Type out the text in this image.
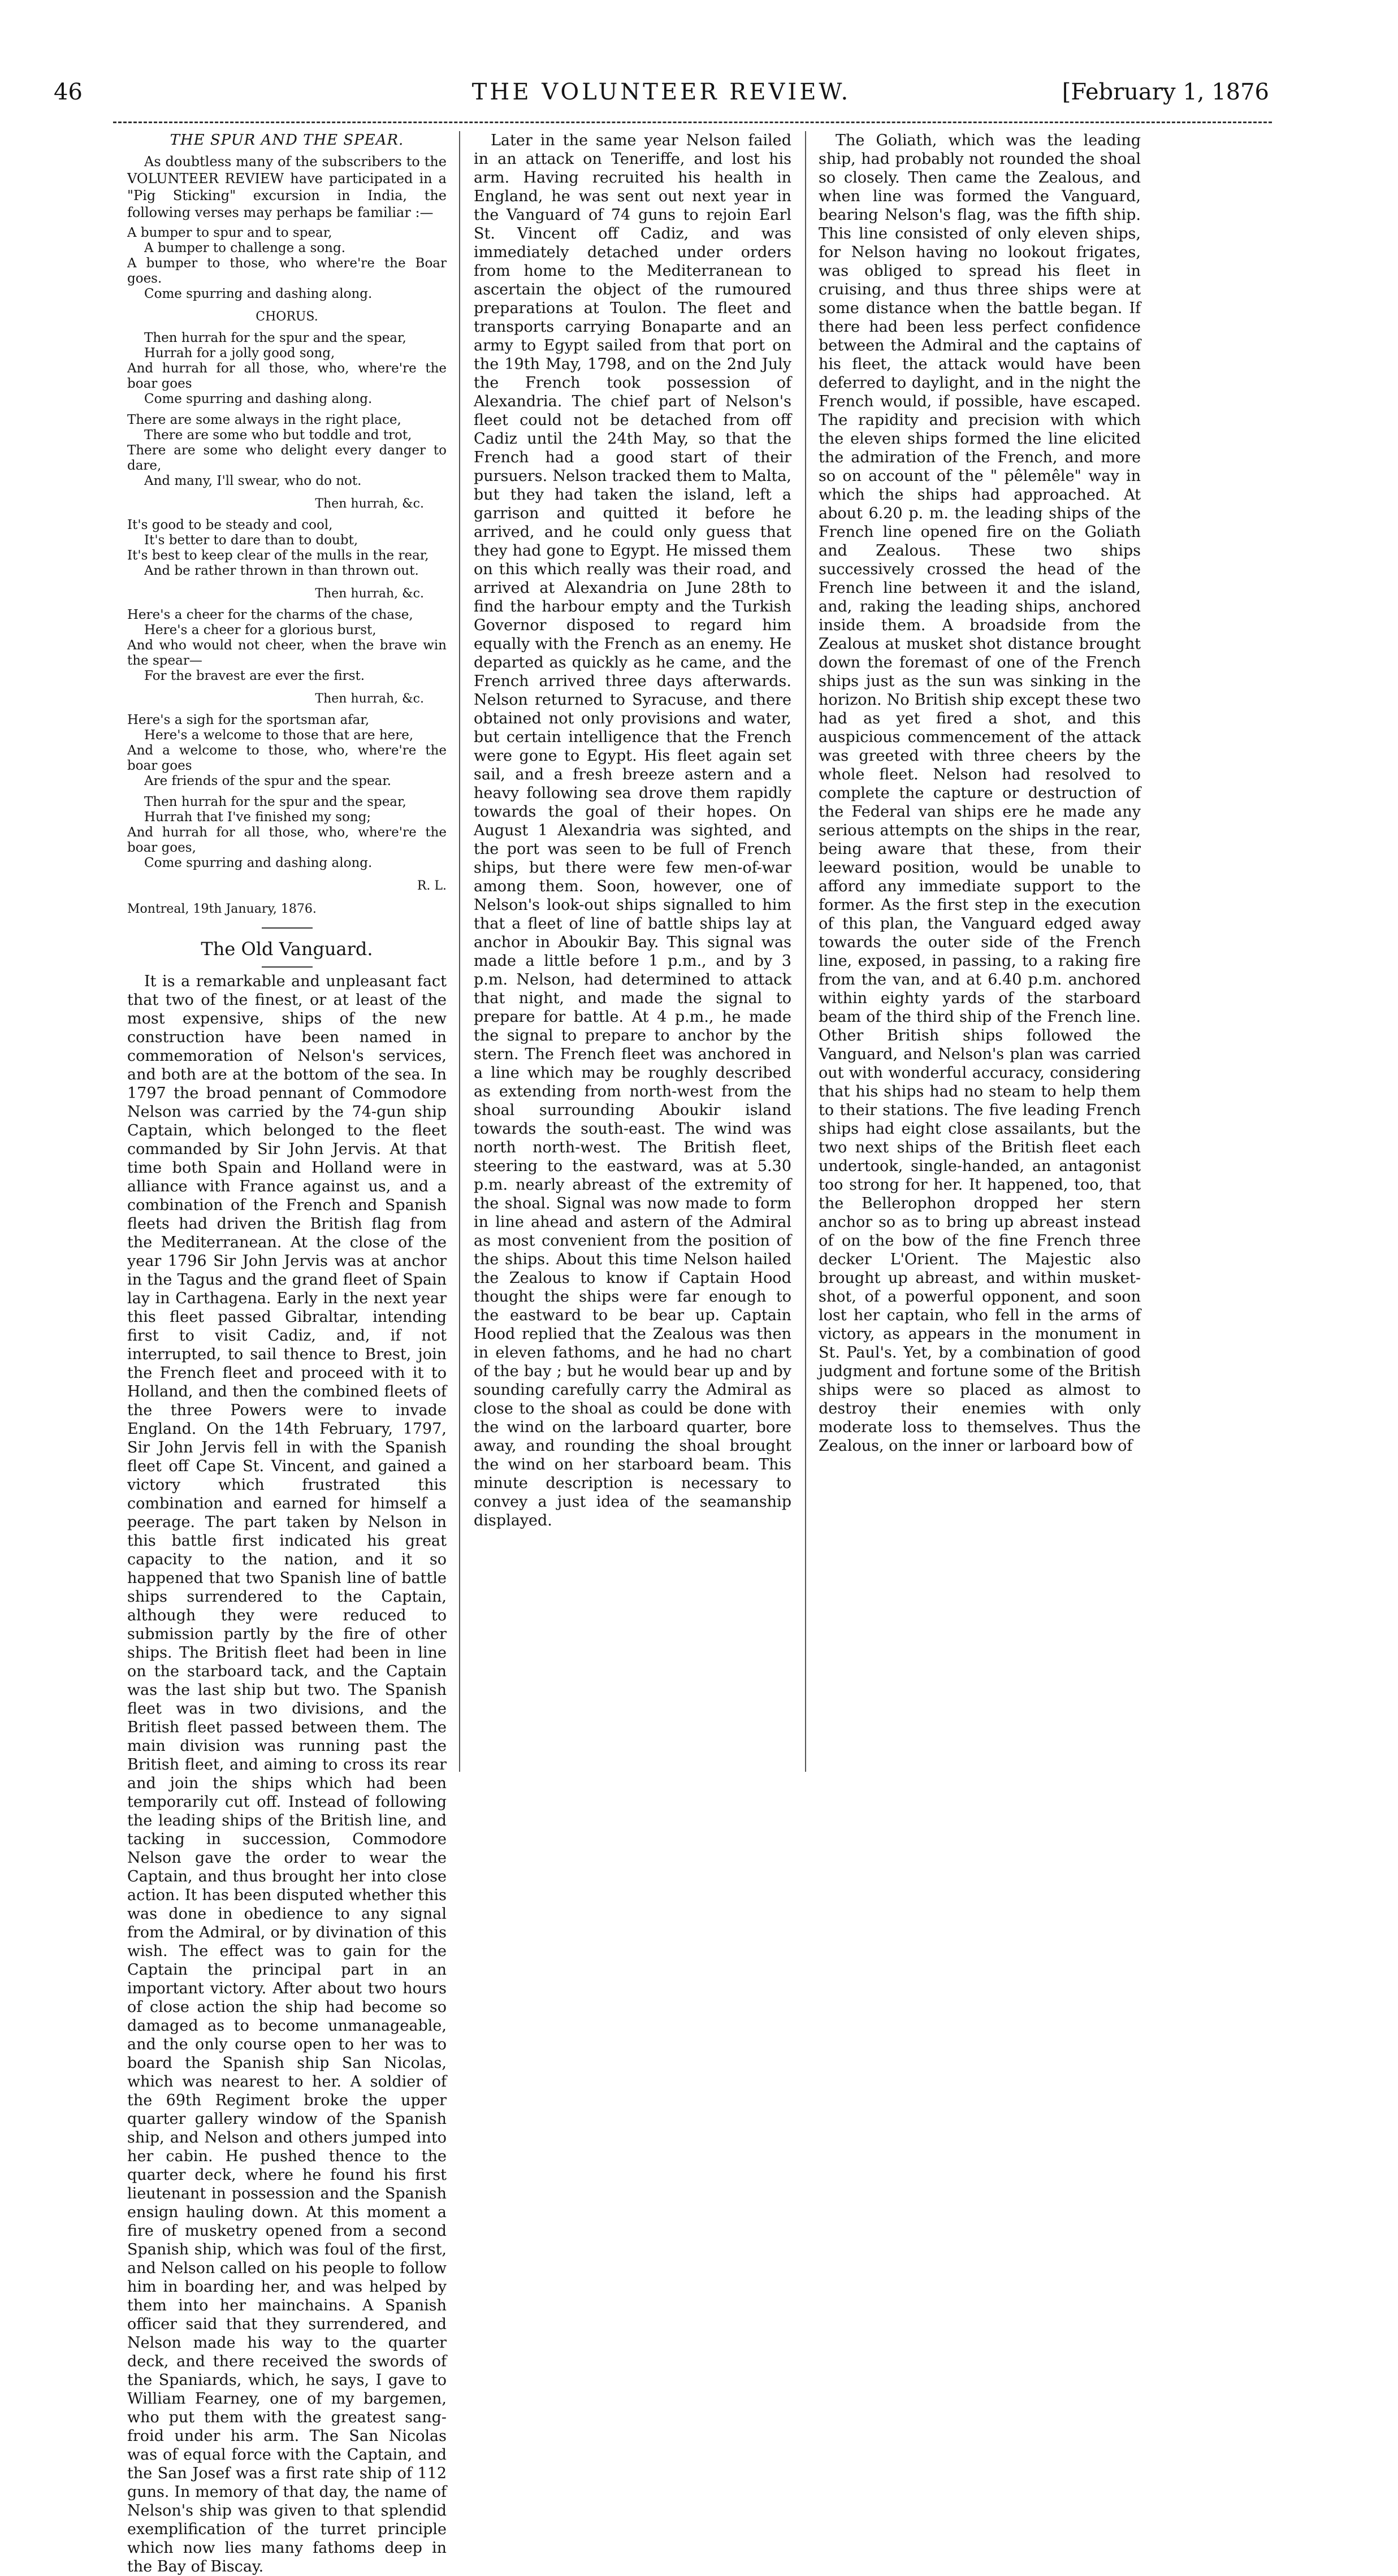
46	THE VOLUNTEER REVIEW.	[February 1, 1876
THE SPUR AND THE SPEAR.

As doubtless many of the subscribers to the VOLUNTEER REVIEW have participated in a "Pig Sticking" excursion in India, the following verses may perhaps be familiar :—

A bumper to spur and to spear,
A bumper to challenge a song.
A bumper to those, who where're the Boar goes.
Come spurring and dashing along.
CHORUS.
Then hurrah for the spur and the spear,
Hurrah for a jolly good song,
And hurrah for all those, who, where're the boar goes
Come spurring and dashing along.
There are some always in the right place,
There are some who but toddle and trot,
There are some who delight every danger to dare,
And many, I'll swear, who do not.
Then hurrah, &c.
It's good to be steady and cool,
It's better to dare than to doubt,
It's best to keep clear of the mulls in the rear,
And be rather thrown in than thrown out.
Then hurrah, &c.
Here's a cheer for the charms of the chase,
Here's a cheer for a glorious burst,
And who would not cheer, when the brave win the spear—
For the bravest are ever the first.
Then hurrah, &c.
Here's a sigh for the sportsman afar,
Here's a welcome to those that are here,
And a welcome to those, who, where're the boar goes
Are friends of the spur and the spear.
Then hurrah for the spur and the spear,
Hurrah that I've finished my song;
And hurrah for all those, who, where're the boar goes,
Come spurring and dashing along.
R. L.
Montreal, 19th January, 1876.
The Old Vanguard.

It is a remarkable and unpleasant fact that two of the finest, or at least of the most expensive, ships of the new construction have been named in commemoration of Nelson's services, and both are at the bottom of the sea. In 1797 the broad pennant of Commodore Nelson was carried by the 74-gun ship Captain, which belonged to the fleet commanded by Sir John Jervis. At that time both Spain and Holland were in alliance with France against us, and a combination of the French and Spanish fleets had driven the British flag from the Mediterranean. At the close of the year 1796 Sir John Jervis was at anchor in the Tagus and the grand fleet of Spain lay in Carthagena. Early in the next year this fleet passed Gibraltar, intending first to visit Cadiz, and, if not interrupted, to sail thence to Brest, join the French fleet and proceed with it to Holland, and then the combined fleets of the three Powers were to invade England. On the 14th February, 1797, Sir John Jervis fell in with the Spanish fleet off Cape St. Vincent, and gained a victory which frustrated this combination and earned for himself a peerage. The part taken by Nelson in this battle first indicated his great capacity to the nation, and it so happened that two Spanish line of battle ships surrendered to the Captain, although they were reduced to submission partly by the fire of other ships. The British fleet had been in line on the starboard tack, and the Captain was the last ship but two. The Spanish fleet was in two divisions, and the British fleet passed between them. The main division was running past the British fleet, and aiming to cross its rear and join the ships which had been temporarily cut off. Instead of following the leading ships of the British line, and tacking in succession, Commodore Nelson gave the order to wear the Captain, and thus brought her into close action. It has been disputed whether this was done in obedience to any signal from the Admiral, or by divination of this wish. The effect was to gain for the Captain the principal part in an important victory. After about two hours of close action the ship had become so damaged as to become unmanageable, and the only course open to her was to board the Spanish ship San Nicolas, which was nearest to her. A soldier of the 69th Regiment broke the upper quarter gallery window of the Spanish ship, and Nelson and others jumped into her cabin. He pushed thence to the quarter deck, where he found his first lieutenant in possession and the Spanish ensign hauling down. At this moment a fire of musketry opened from a second Spanish ship, which was foul of the first, and Nelson called on his people to follow him in boarding her, and was helped by them into her mainchains. A Spanish officer said that they surrendered, and Nelson made his way to the quarter deck, and there received the swords of the Spaniards, which, he says, I gave to William Fearney, one of my bargemen, who put them with the greatest sang-froid under his arm. The San Nicolas was of equal force with the Captain, and the San Josef was a first rate ship of 112 guns. In memory of that day, the name of Nelson's ship was given to that splendid exemplification of the turret principle which now lies many fathoms deep in the Bay of Biscay.

Later in the same year Nelson failed in an attack on Teneriffe, and lost his arm. Having recruited his health in England, he was sent out next year in the Vanguard of 74 guns to rejoin Earl St. Vincent off Cadiz, and was immediately detached under orders from home to the Mediterranean to ascertain the object of the rumoured preparations at Toulon. The fleet and transports carrying Bonaparte and an army to Egypt sailed from that port on the 19th May, 1798, and on the 2nd July the French took possession of Alexandria. The chief part of Nelson's fleet could not be detached from off Cadiz until the 24th May, so that the French had a good start of their pursuers. Nelson tracked them to Malta, but they had taken the island, left a garrison and quitted it before he arrived, and he could only guess that they had gone to Egypt. He missed them on this which really was their road, and arrived at Alexandria on June 28th to find the harbour empty and the Turkish Governor disposed to regard him equally with the French as an enemy. He departed as quickly as he came, and the French arrived three days afterwards. Nelson returned to Syracuse, and there obtained not only provisions and water, but certain intelligence that the French were gone to Egypt. His fleet again set sail, and a fresh breeze astern and a heavy following sea drove them rapidly towards the goal of their hopes. On August 1 Alexandria was sighted, and the port was seen to be full of French ships, but there were few men-of-war among them. Soon, however, one of Nelson's look-out ships signalled to him that a fleet of line of battle ships lay at anchor in Aboukir Bay. This signal was made a little before 1 p.m., and by 3 p.m. Nelson, had determined to attack that night, and made the signal to prepare for battle. At 4 p.m., he made the signal to prepare to anchor by the stern. The French fleet was anchored in a line which may be roughly described as extending from north-west from the shoal surrounding Aboukir island towards the south-east. The wind was north north-west. The British fleet, steering to the eastward, was at 5.30 p.m. nearly abreast of the extremity of the shoal. Signal was now made to form in line ahead and astern of the Admiral as most convenient from the position of the ships. About this time Nelson hailed the Zealous to know if Captain Hood thought the ships were far enough to the eastward to be bear up. Captain Hood replied that the Zealous was then in eleven fathoms, and he had no chart of the bay ; but he would bear up and by sounding carefully carry the Admiral as close to the shoal as could be done with the wind on the larboard quarter, bore away, and rounding the shoal brought the wind on her starboard beam. This minute description is necessary to convey a just idea of the seamanship displayed.

The Goliath, which was the leading ship, had probably not rounded the shoal so closely. Then came the Zealous, and when line was formed the Vanguard, bearing Nelson's flag, was the fifth ship. This line consisted of only eleven ships, for Nelson having no lookout frigates, was obliged to spread his fleet in cruising, and thus three ships were at some distance when the battle began. If there had been less perfect confidence between the Admiral and the captains of his fleet, the attack would have been deferred to daylight, and in the night the French would, if possible, have escaped. The rapidity and precision with which the eleven ships formed the line elicited the admiration of the French, and more so on account of the " pêlemêle" way in which the ships had approached. At about 6.20 p. m. the leading ships of the French line opened fire on the Goliath and Zealous. These two ships successively crossed the head of the French line between it and the island, and, raking the leading ships, anchored inside them. A broadside from the Zealous at musket shot distance brought down the foremast of one of the French ships just as the sun was sinking in the horizon. No British ship except these two had as yet fired a shot, and this auspicious commencement of the attack was greeted with three cheers by the whole fleet. Nelson had resolved to complete the capture or destruction of the Federal van ships ere he made any serious attempts on the ships in the rear, being aware that these, from their leeward position, would be unable to afford any immediate support to the former. As the first step in the execution of this plan, the Vanguard edged away towards the outer side of the French line, exposed, in passing, to a raking fire from the van, and at 6.40 p.m. anchored within eighty yards of the starboard beam of the third ship of the French line. Other British ships followed the Vanguard, and Nelson's plan was carried out with wonderful accuracy, considering that his ships had no steam to help them to their stations. The five leading French ships had eight close assailants, but the two next ships of the British fleet each undertook, single-handed, an antagonist too strong for her. It happened, too, that the Bellerophon dropped her stern anchor so as to bring up abreast instead of on the bow of the fine French three decker L'Orient. The Majestic also brought up abreast, and within musket-shot, of a powerful opponent, and soon lost her captain, who fell in the arms of victory, as appears in the monument in St. Paul's. Yet, by a combination of good judgment and fortune some of the British ships were so placed as almost to destroy their enemies with only moderate loss to themselves. Thus the Zealous, on the inner or larboard bow of
